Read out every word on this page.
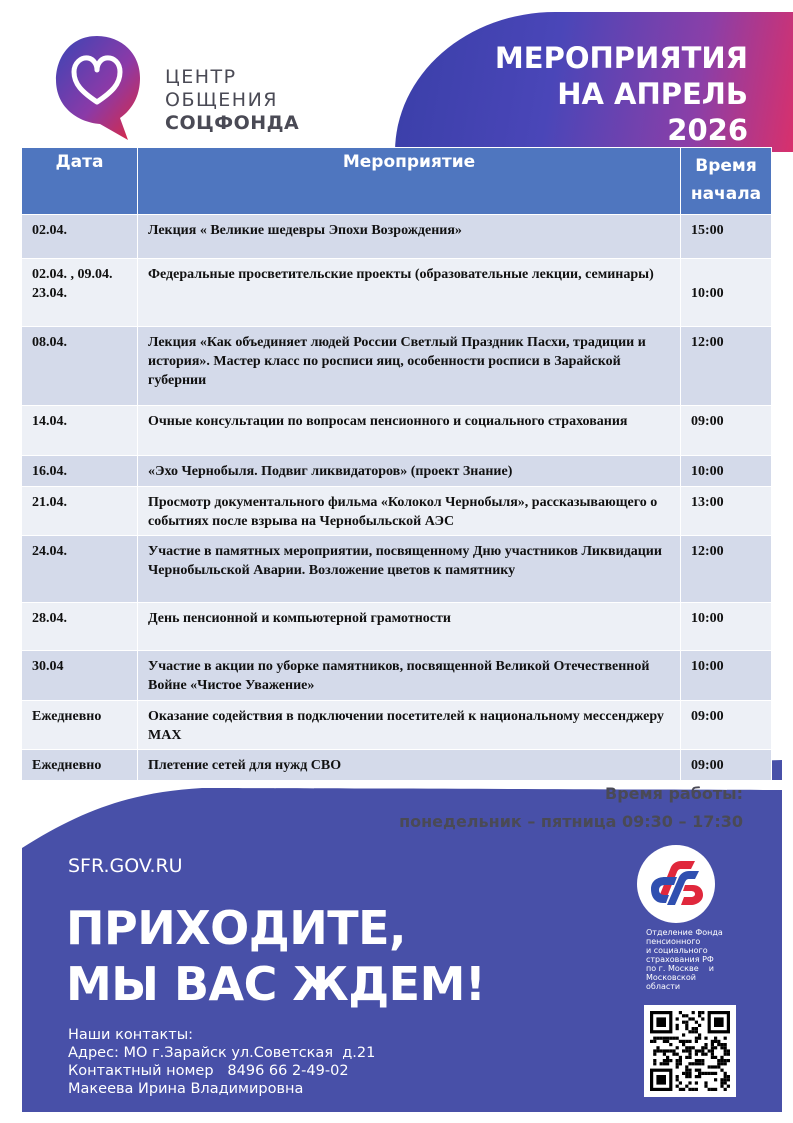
ЦЕНТР
ОБЩЕНИЯ
СОЦФОНДА
МЕРОПРИЯТИЯ
НА АПРЕЛЬ
2026
Дата	Мероприятие	Время
начала
02.04.	Лекция « Великие шедевры Эпохи Возрождения»	15:00
02.04. , 09.04. 23.04.	Федеральные просветительские проекты (образовательные лекции, семинары)	10:00
08.04.	Лекция «Как объединяет людей России Светлый Праздник Пасхи, традиции и история». Мастер класс по росписи яиц, особенности росписи в Зарайской губернии	12:00
14.04.	Очные консультации по вопросам пенсионного и социального страхования	09:00
16.04.	«Эхо Чернобыля. Подвиг ликвидаторов» (проект Знание)	10:00
21.04.	Просмотр документального фильма «Колокол Чернобыля», рассказывающего о событиях после взрыва на Чернобыльской АЭС	13:00
24.04.	Участие в памятных мероприятии, посвященному Дню участников Ликвидации Чернобыльской Аварии. Возложение цветов к памятнику	12:00
28.04.	День пенсионной и компьютерной грамотности	10:00
30.04	Участие в акции по уборке памятников, посвященной Великой Отечественной Войне «Чистое Уважение»	10:00
Ежедневно	Оказание содействия в подключении посетителей к национальному мессенджеру MAX	09:00
Ежедневно	Плетение сетей для нужд СВО	09:00
Время работы:
понедельник – пятница 09:30 – 17:30
SFR.GOV.RU
ПРИХОДИТЕ,
МЫ ВАС ЖДЕМ!
Наши контакты:
Адрес: МО г.Зарайск ул.Советская  д.21
Контактный номер   8496 66 2-49-02
Макеева Ирина Владимировна
Отделение Фонда
пенсионного
и социального
страхования РФ
по г. Москве    и
Московской
области
